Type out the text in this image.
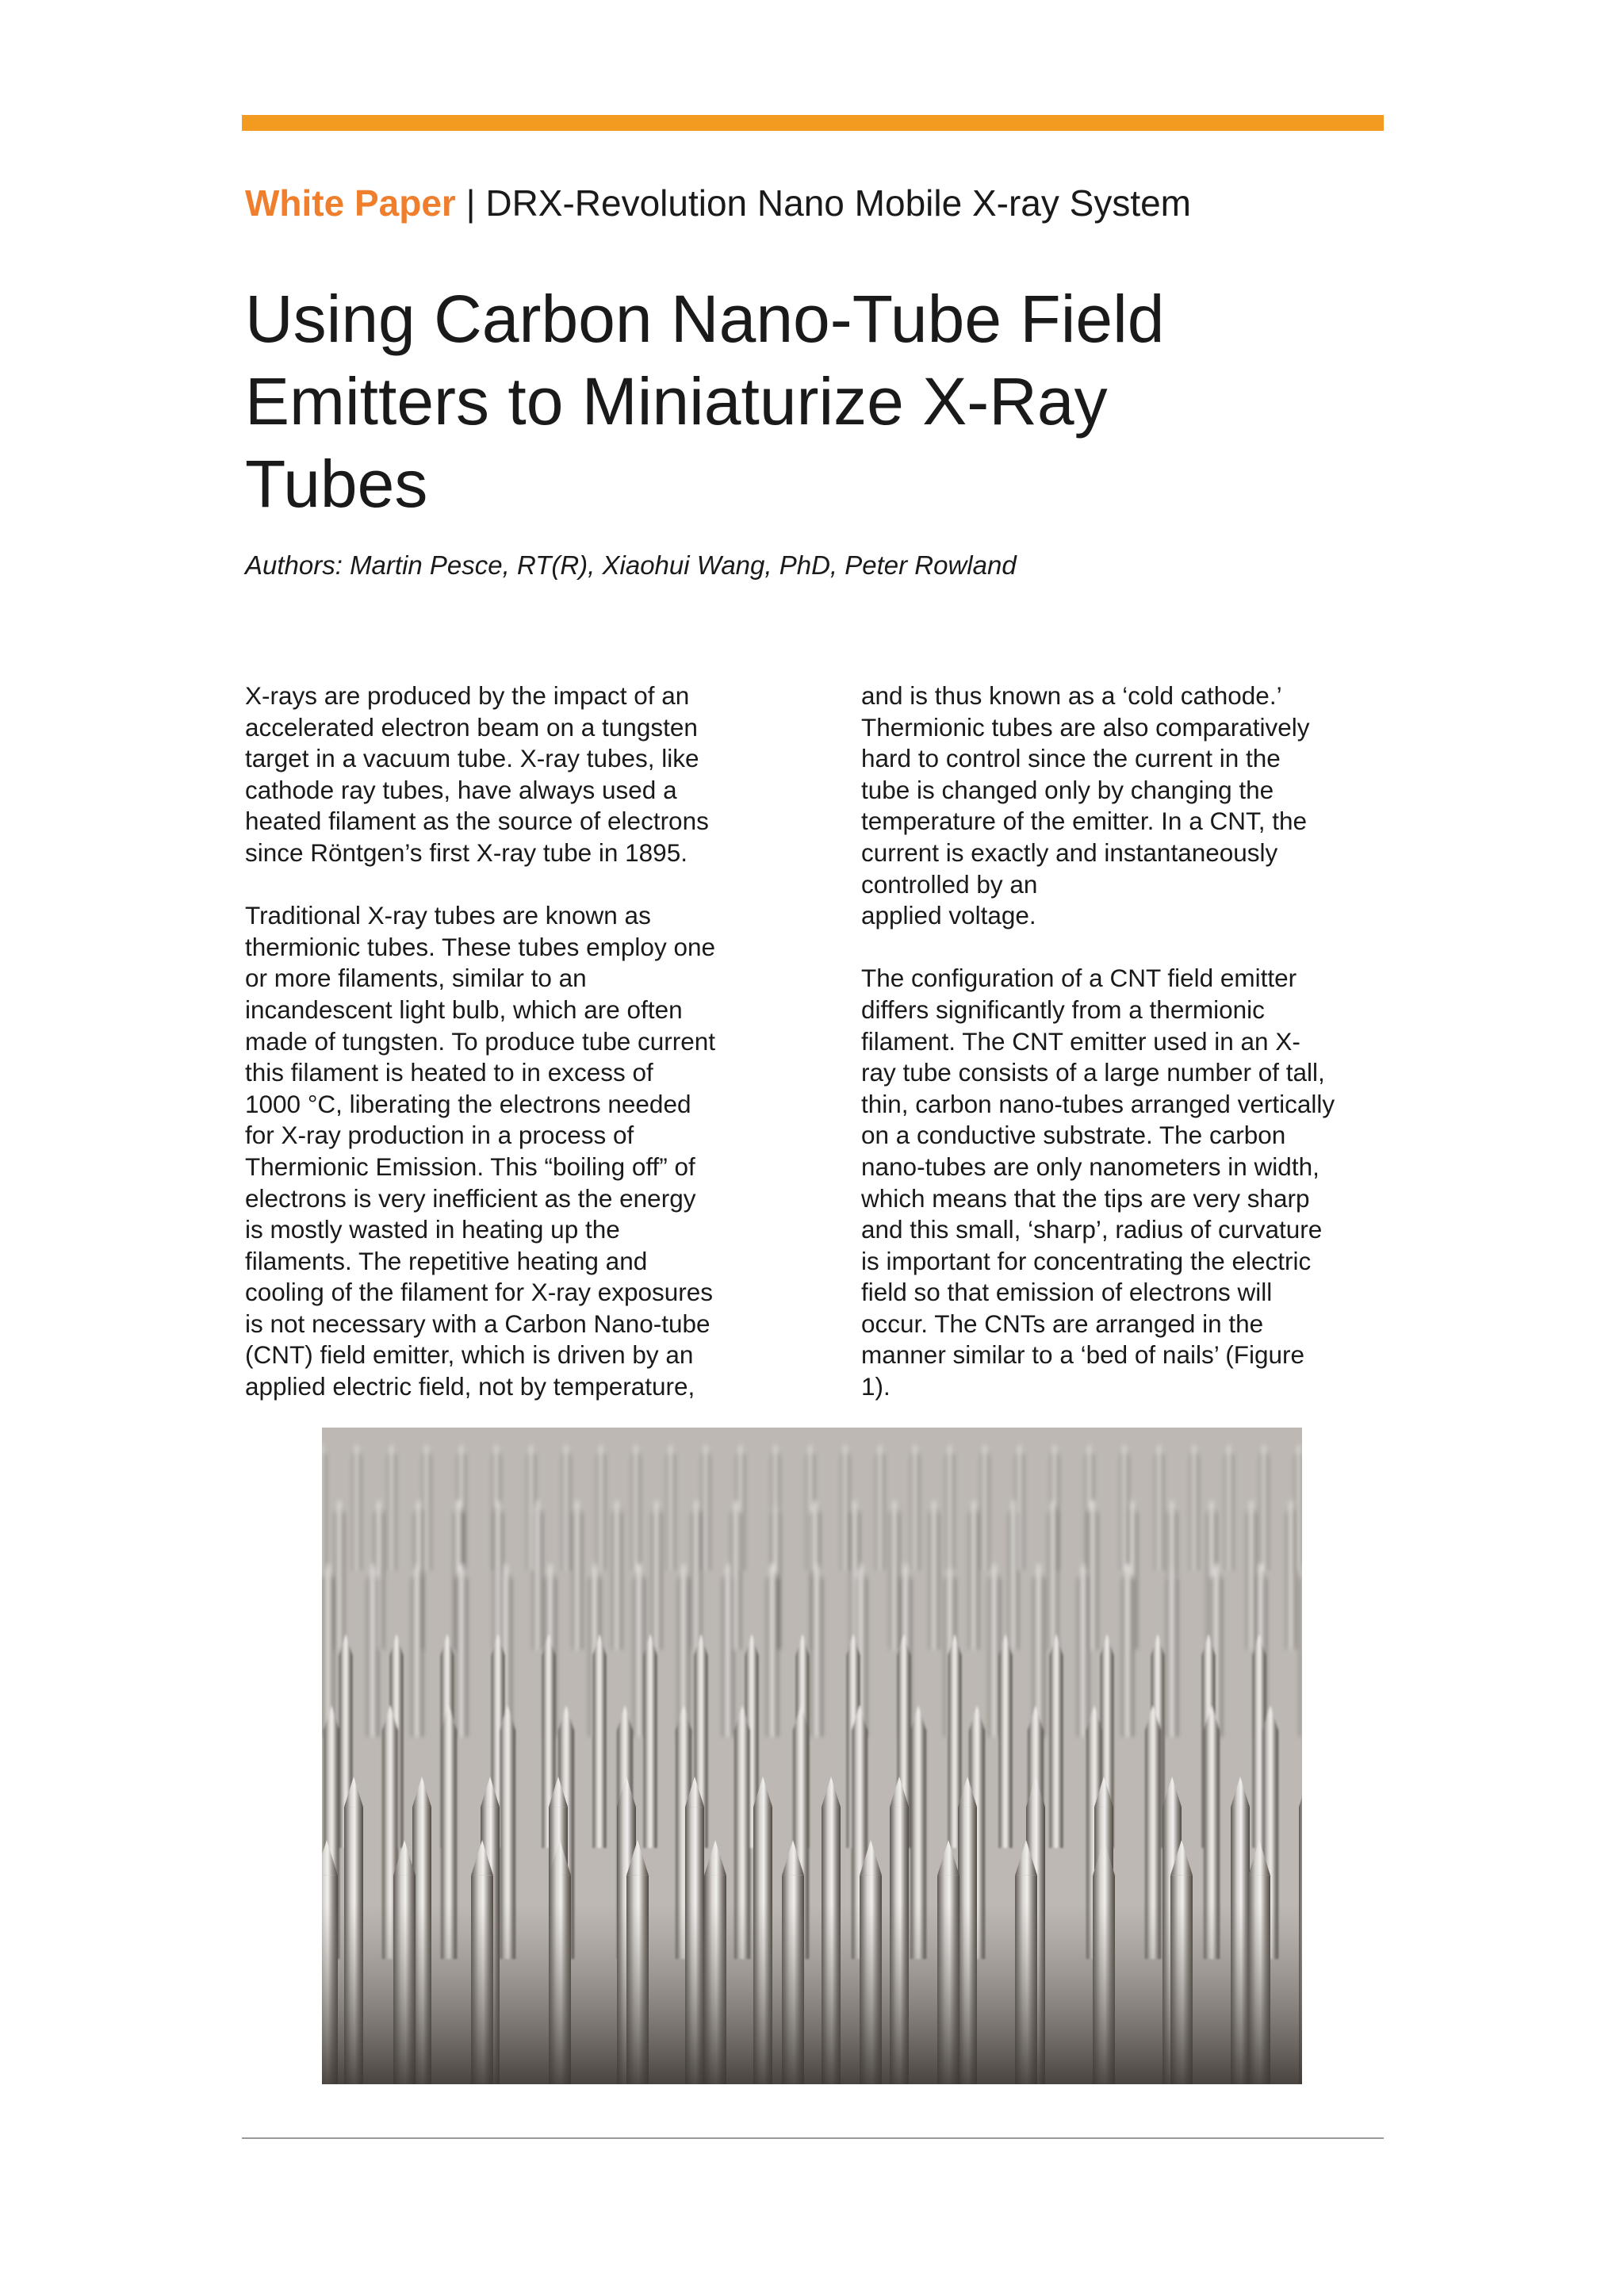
White Paper | DRX-Revolution Nano Mobile X-ray System
Using Carbon Nano-Tube Field
Emitters to Miniaturize X-Ray
Tubes
Authors: Martin Pesce, RT(R), Xiaohui Wang, PhD, Peter Rowland

X-rays are produced by the impact of an
accelerated electron beam on a tungsten
target in a vacuum tube. X-ray tubes, like
cathode ray tubes, have always used a
heated filament as the source of electrons
since Röntgen’s first X-ray tube in 1895.

Traditional X-ray tubes are known as
thermionic tubes. These tubes employ one
or more filaments, similar to an
incandescent light bulb, which are often
made of tungsten. To produce tube current
this filament is heated to in excess of
1000 °C, liberating the electrons needed
for X-ray production in a process of
Thermionic Emission. This “boiling off” of
electrons is very inefficient as the energy
is mostly wasted in heating up the
filaments. The repetitive heating and
cooling of the filament for X-ray exposures
is not necessary with a Carbon Nano-tube
(CNT) field emitter, which is driven by an
applied electric field, not by temperature,

and is thus known as a ‘cold cathode.’
Thermionic tubes are also comparatively
hard to control since the current in the
tube is changed only by changing the
temperature of the emitter. In a CNT, the
current is exactly and instantaneously
controlled by an
applied voltage.

The configuration of a CNT field emitter
differs significantly from a thermionic
filament. The CNT emitter used in an X-
ray tube consists of a large number of tall,
thin, carbon nano-tubes arranged vertically
on a conductive substrate. The carbon
nano-tubes are only nanometers in width,
which means that the tips are very sharp
and this small, ‘sharp’, radius of curvature
is important for concentrating the electric
field so that emission of electrons will
occur. The CNTs are arranged in the
manner similar to a ‘bed of nails’ (Figure
1).
